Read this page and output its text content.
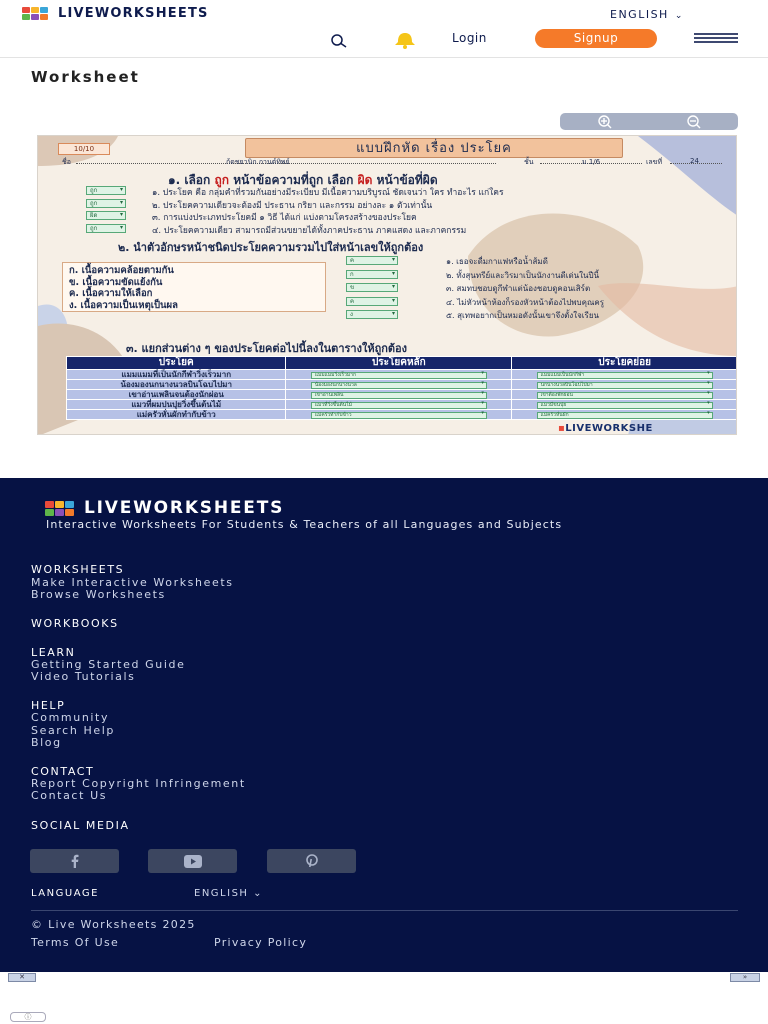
LIVEWORKSHEETS	ENGLISH ⌄
Login	Signup
Worksheet
10/10	แบบฝึกหัด เรื่อง ประโยค
ชื่อ	ก้ดชยานิก กานต์ทิพย์	ชั้น	ม.1/6	เลขที่	24
๑. เลือก ถูก หน้าข้อความที่ถูก เลือก ผิด หน้าข้อที่ผิด
ถูก ▾	๑. ประโยค คือ กลุ่มคำที่รวมกันอย่างมีระเบียบ มีเนื้อความบริบูรณ์ ชัดเจนว่า ใคร ทำอะไร แก่ใคร
ถูก ▾	๒. ประโยคความเดียวจะต้องมี ประธาน กริยา และกรรม อย่างละ ๑ ตัวเท่านั้น
ผิด ▾	๓. การแบ่งประเภทประโยคมี ๑ วิธี ได้แก่ แบ่งตามโครงสร้างของประโยค
ถูก ▾	๔. ประโยคความเดียว สามารถมีส่วนขยายได้ทั้งภาคประธาน ภาคแสดง และภาคกรรม
๒. นำตัวอักษรหน้าชนิดประโยคความรวมไปใส่หน้าเลขให้ถูกต้อง
ก. เนื้อความคล้อยตามกัน
ข. เนื้อความขัดแย้งกัน
ค. เนื้อความให้เลือก
ง. เนื้อความเป็นเหตุเป็นผล
ค ▾	๑. เธอจะดื่มกาแฟหรือน้ำส้มดี
ก ▾	๒. ทั้งสุนทรีย์และวิรมาเป็นนักงานดีเด่นในปีนี้
ข ▾	๓. สมทบชอบดูกีฬาแต่น้องชอบดูคอนเสิร์ต
ค ▾	๔. ไม่หัวหน้าห้องก็รองหัวหน้าต้องไปพบคุณครู
ง ▾	๕. สุเทพอยากเป็นหมอดังนั้นเขาจึงตั้งใจเรียน
๓. แยกส่วนต่าง ๆ ของประโยคต่อไปนี้ลงในตารางให้ถูกต้อง
ประโยค	ประโยคหลัก	ประโยคย่อย
แมมแมมที่เป็นนักกีฬาวิ่งเร็วมาก	แมมแมมวิ่งเร็วมาก ▾	แมมแมมเป็นนักกีฬา ▾

น้องมองนกนางนวลบินโฉบไปมา	น้องมองนกนางนวล ▾	นกนางนวลบินโฉบไปมา ▾

เขาอ่านเพลินจนต้องนักผ่อน	เขาอ่านเพลิน ▾	เขาต้องพักผ่อน ▾

แมวที่ผมปนปุยวิ่งขึ้นต้นไม้	แมวที่วิ่งขึ้นต้นไม้ ▾	แมวมีขนปุย ▾

แม่ครัวหั่นผักทำกับข้าว	แม่ครัวทำกับข้าว ▾	แม่ครัวหั่นผัก ▾
▪LIVEWORKSHE
LIVEWORKSHEETS
Interactive Worksheets For Students & Teachers of all Languages and Subjects
WORKSHEETS
Make Interactive Worksheets
Browse Worksheets
WORKBOOKS
LEARN
Getting Started Guide
Video Tutorials
HELP
Community
Search Help
Blog
CONTACT
Report Copyright Infringement
Contact Us
SOCIAL MEDIA
LANGUAGE	ENGLISH ⌄
© Live Worksheets 2025
Terms Of Use	Privacy Policy
✕	»
ⓘ
